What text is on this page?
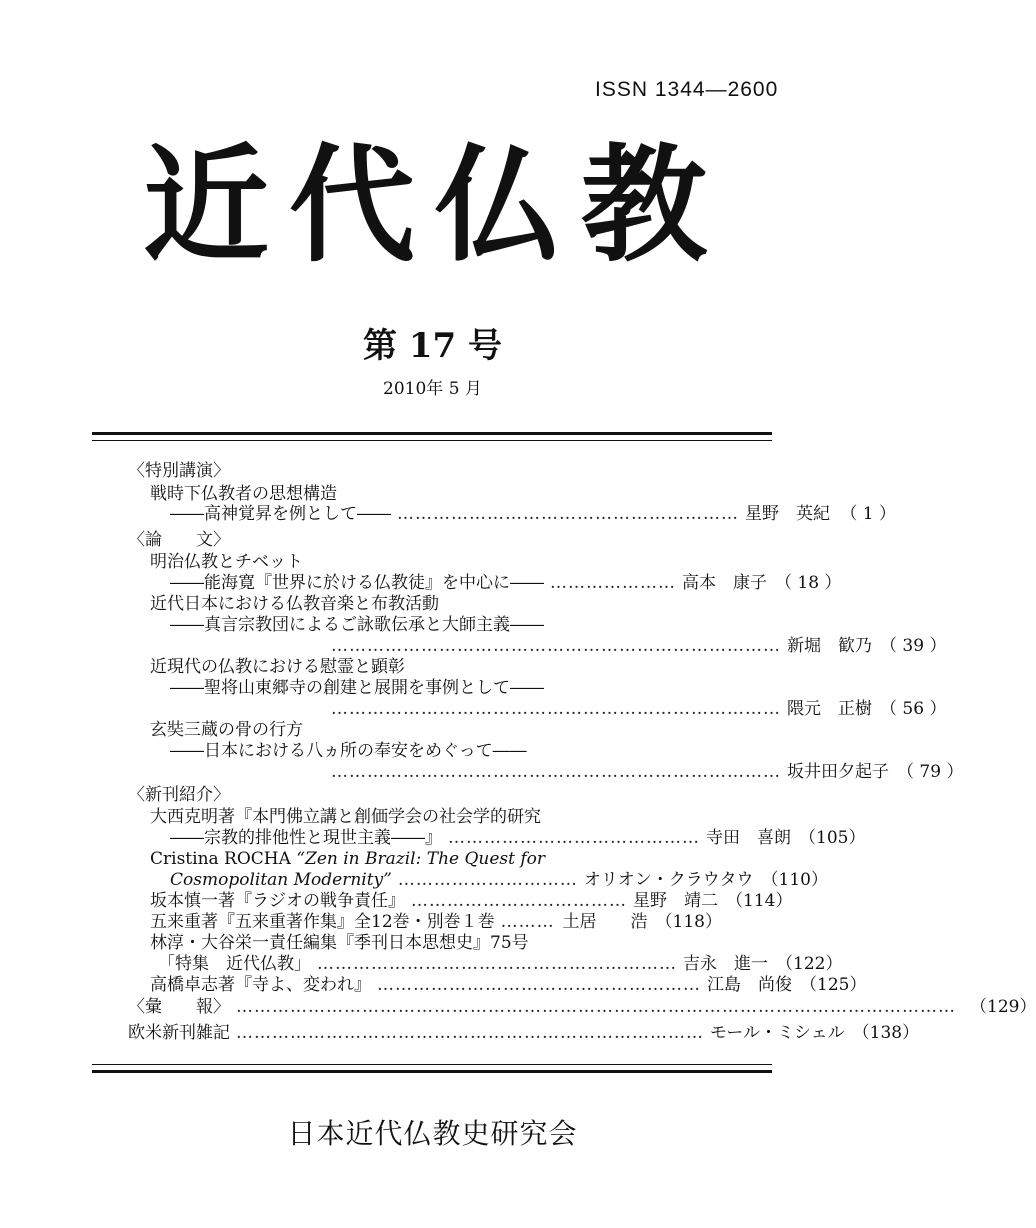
ISSN 1344—2600
近代仏教
第 17 号
2010年 5 月
〈特別講演〉
戦時下仏教者の思想構造
――高神覚昇を例として―― ………………………………………………… 星野　英紀 （ 1 ）
〈論　　文〉
明治仏教とチベット
――能海寛『世界に於ける仏教徒』を中心に―― ………………… 高本　康子 （ 18 ）
近代日本における仏教音楽と布教活動
――真言宗教団によるご詠歌伝承と大師主義――
………………………………………………………………… 新堀　歓乃 （ 39 ）
近現代の仏教における慰霊と顕彰
――聖将山東郷寺の創建と展開を事例として――
………………………………………………………………… 隈元　正樹 （ 56 ）
玄奘三蔵の骨の行方
――日本における八ヵ所の奉安をめぐって――
………………………………………………………………… 坂井田夕起子 （ 79 ）
〈新刊紹介〉
大西克明著『本門佛立講と創価学会の社会学的研究
――宗教的排他性と現世主義――』 …………………………………… 寺田　喜朗 （105）
Cristina ROCHA “Zen in Brazil: The Quest for
Cosmopolitan Modernity” ………………………… オリオン・クラウタウ （110）
坂本慎一著『ラジオの戦争責任』 ……………………………… 星野　靖二 （114）
五来重著『五来重著作集』全12巻・別巻１巻 ……… 土居　　浩 （118）
林淳・大谷栄一責任編集『季刊日本思想史』75号
「特集　近代仏教」 …………………………………………………… 吉永　進一 （122）
高橋卓志著『寺よ、変われ』 ……………………………………………… 江島　尚俊 （125）
〈彙　　報〉 ………………………………………………………………………………………………………… （129）
欧米新刊雑記 …………………………………………………………………… モール・ミシェル （138）
日本近代仏教史研究会
